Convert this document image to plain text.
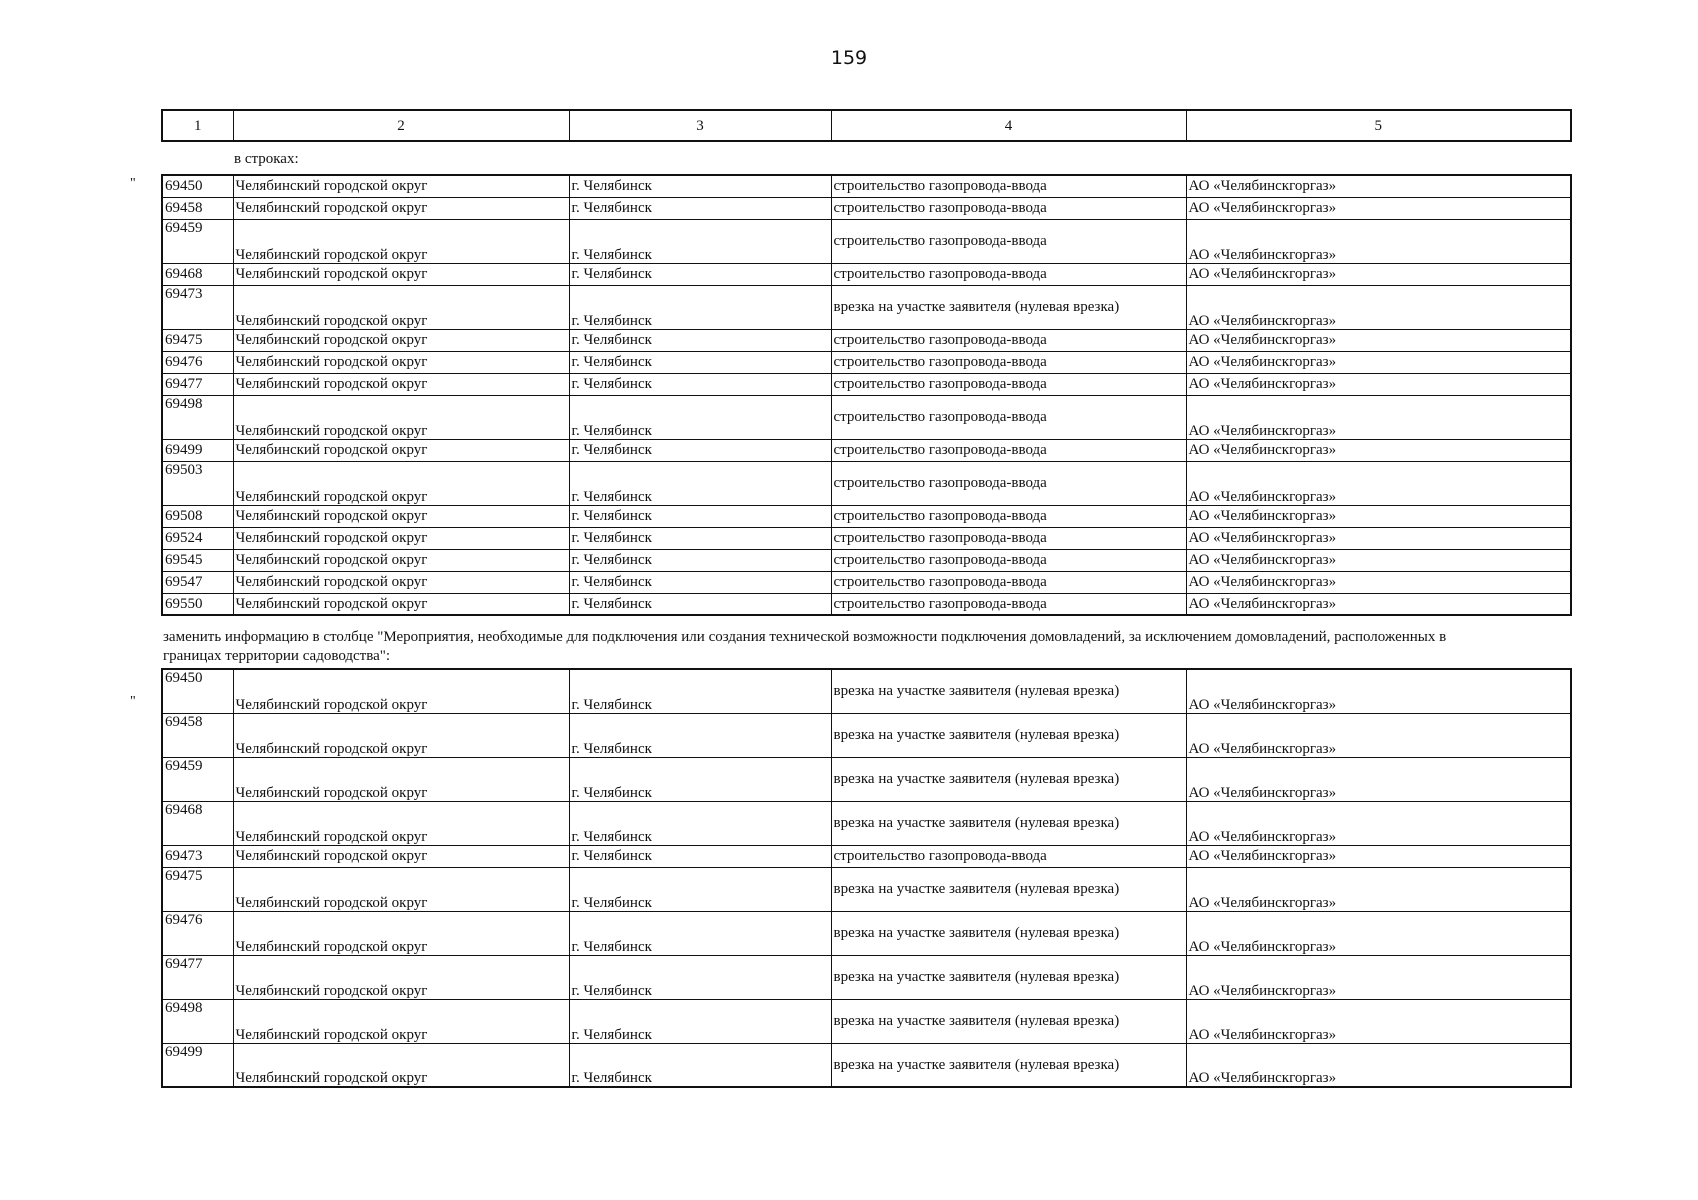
159
1	2	3	4	5
в строках:
" 69450	Челябинский городской округ	г. Челябинск	строительство газопровода-ввода	АО «Челябинскгоргаз»
69458	Челябинский городской округ	г. Челябинск	строительство газопровода-ввода	АО «Челябинскгоргаз»
69459	Челябинский городской округ	г. Челябинск	строительство газопровода-ввода	АО «Челябинскгоргаз»
69468	Челябинский городской округ	г. Челябинск	строительство газопровода-ввода	АО «Челябинскгоргаз»
69473	Челябинский городской округ	г. Челябинск	врезка на участке заявителя (нулевая врезка)	АО «Челябинскгоргаз»
69475	Челябинский городской округ	г. Челябинск	строительство газопровода-ввода	АО «Челябинскгоргаз»
69476	Челябинский городской округ	г. Челябинск	строительство газопровода-ввода	АО «Челябинскгоргаз»
69477	Челябинский городской округ	г. Челябинск	строительство газопровода-ввода	АО «Челябинскгоргаз»
69498	Челябинский городской округ	г. Челябинск	строительство газопровода-ввода	АО «Челябинскгоргаз»
69499	Челябинский городской округ	г. Челябинск	строительство газопровода-ввода	АО «Челябинскгоргаз»
69503	Челябинский городской округ	г. Челябинск	строительство газопровода-ввода	АО «Челябинскгоргаз»
69508	Челябинский городской округ	г. Челябинск	строительство газопровода-ввода	АО «Челябинскгоргаз»
69524	Челябинский городской округ	г. Челябинск	строительство газопровода-ввода	АО «Челябинскгоргаз»
69545	Челябинский городской округ	г. Челябинск	строительство газопровода-ввода	АО «Челябинскгоргаз»
69547	Челябинский городской округ	г. Челябинск	строительство газопровода-ввода	АО «Челябинскгоргаз»
69550	Челябинский городской округ	г. Челябинск	строительство газопровода-ввода	АО «Челябинскгоргаз»
заменить информацию в столбце "Мероприятия, необходимые для подключения или создания технической возможности подключения домовладений, за исключением домовладений, расположенных в
границах территории садоводства":
"
69450	Челябинский городской округ	г. Челябинск	врезка на участке заявителя (нулевая врезка)	АО «Челябинскгоргаз»
69458	Челябинский городской округ	г. Челябинск	врезка на участке заявителя (нулевая врезка)	АО «Челябинскгоргаз»
69459	Челябинский городской округ	г. Челябинск	врезка на участке заявителя (нулевая врезка)	АО «Челябинскгоргаз»
69468	Челябинский городской округ	г. Челябинск	врезка на участке заявителя (нулевая врезка)	АО «Челябинскгоргаз»
69473	Челябинский городской округ	г. Челябинск	строительство газопровода-ввода	АО «Челябинскгоргаз»
69475	Челябинский городской округ	г. Челябинск	врезка на участке заявителя (нулевая врезка)	АО «Челябинскгоргаз»
69476	Челябинский городской округ	г. Челябинск	врезка на участке заявителя (нулевая врезка)	АО «Челябинскгоргаз»
69477	Челябинский городской округ	г. Челябинск	врезка на участке заявителя (нулевая врезка)	АО «Челябинскгоргаз»
69498	Челябинский городской округ	г. Челябинск	врезка на участке заявителя (нулевая врезка)	АО «Челябинскгоргаз»
69499	Челябинский городской округ	г. Челябинск	врезка на участке заявителя (нулевая врезка)	АО «Челябинскгоргаз»
